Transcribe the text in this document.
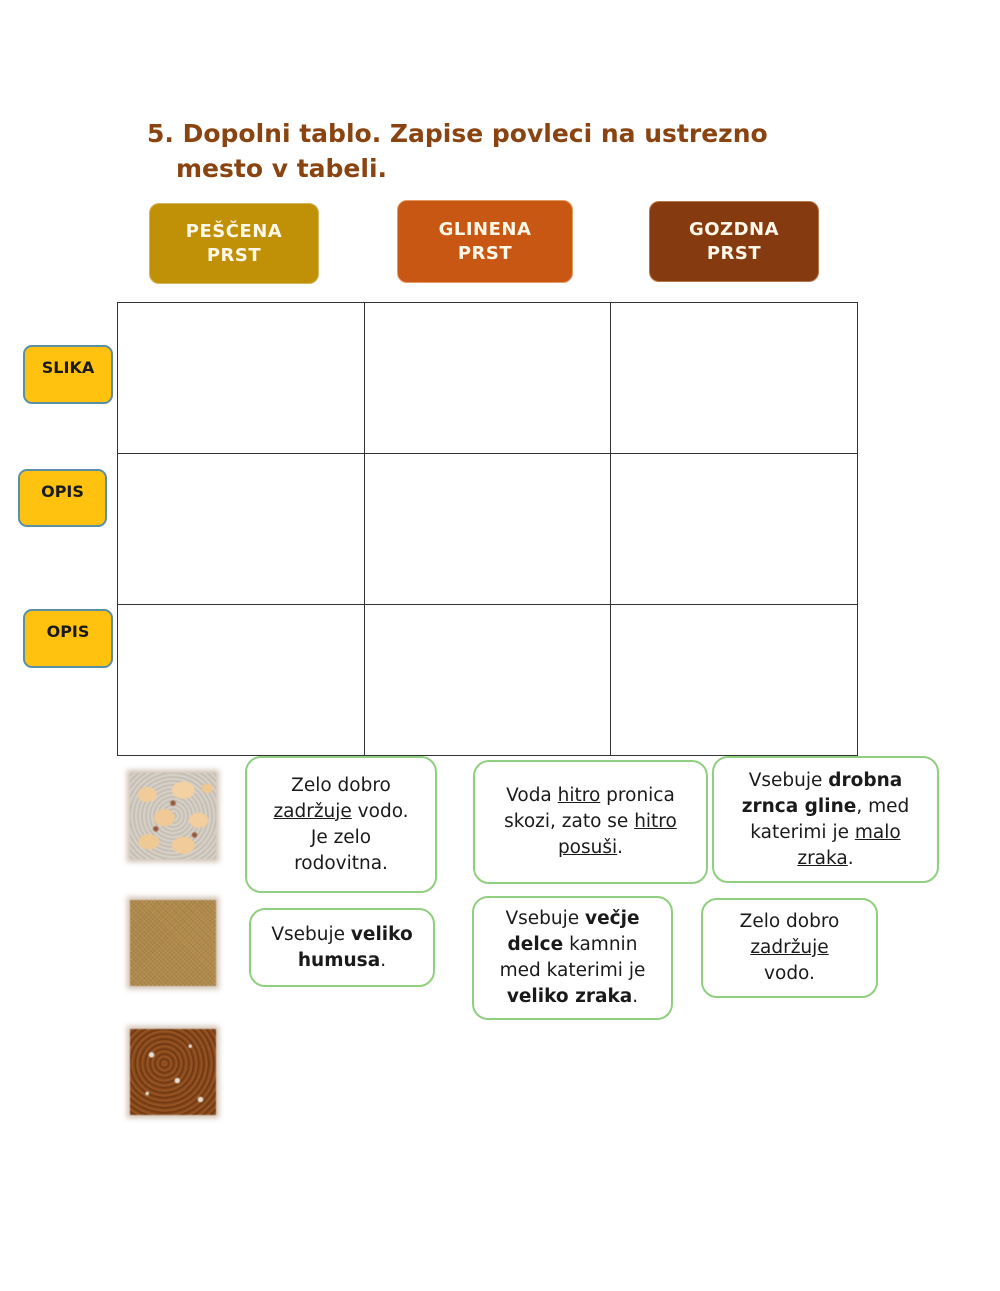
5. Dopolni tablo. Zapise povleci na ustrezno
mesto v tabeli.
PEŠČENA
PRST
GLINENA
PRST
GOZDNA
PRST

SLIKA
OPIS
OPIS
Zelo dobro
zadržuje vodo.
Je zelo
rodovitna.
Voda hitro pronica
skozi, zato se hitro
posuši.
Vsebuje drobna
zrnca gline, med
katerimi je malo
zraka.
Vsebuje veliko
humusa.
Vsebuje večje
delce kamnin
med katerimi je
veliko zraka.
Zelo dobro
zadržuje
vodo.
